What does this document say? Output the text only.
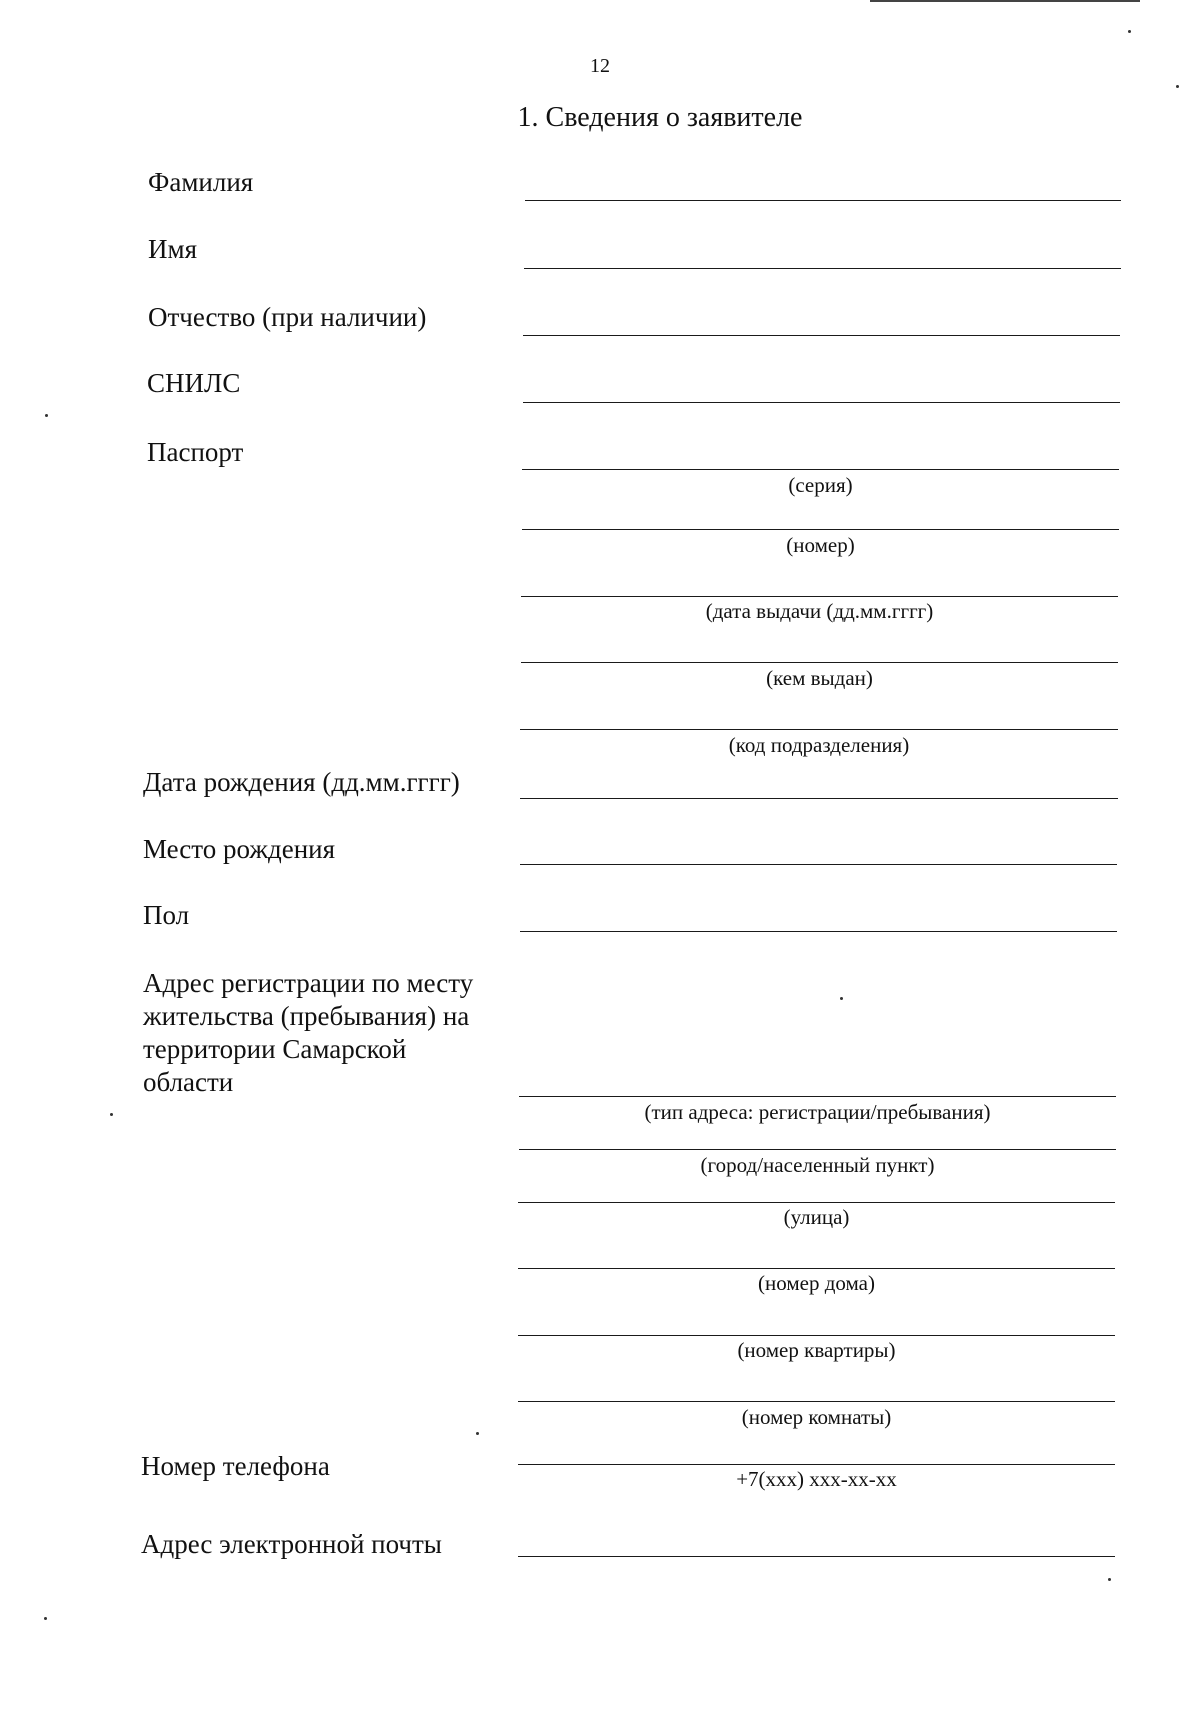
12
1. Сведения о заявителе
Фамилия
Имя
Отчество (при наличии)
СНИЛС
Паспорт
(серия)
(номер)
(дата выдачи (дд.мм.гггг)
(кем выдан)
(код подразделения)
Дата рождения (дд.мм.гггг)
Место рождения
Пол
Адрес регистрации по месту
жительства (пребывания) на
территории Самарской
области
(тип адреса: регистрации/пребывания)
(город/населенный пункт)
(улица)
(номер дома)
(номер квартиры)
(номер комнаты)
Номер телефона	+7(ххх) ххх-хх-хх
Адрес электронной почты
